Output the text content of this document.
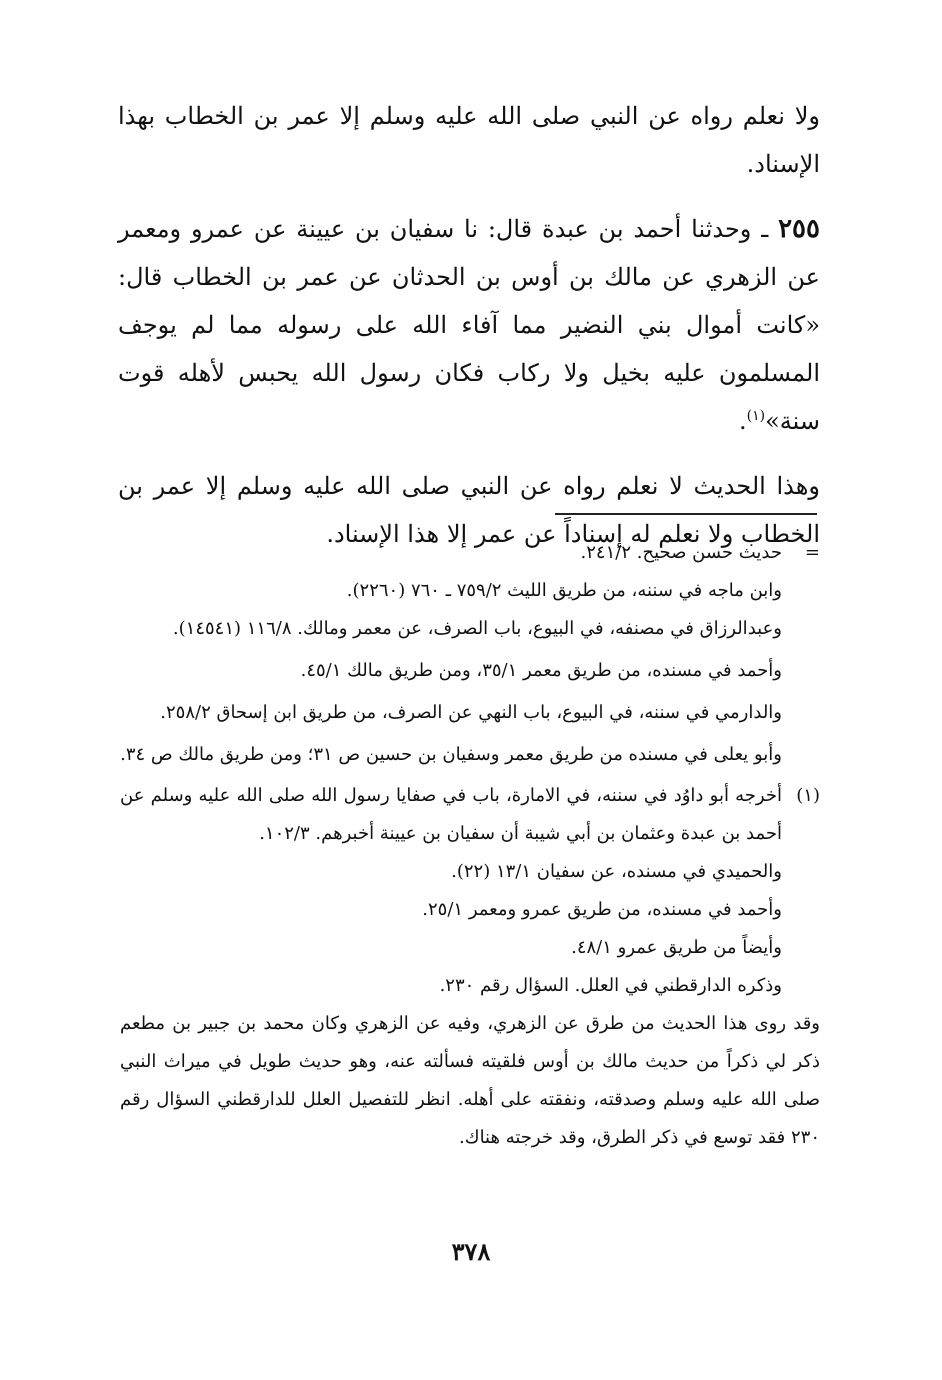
ولا نعلم رواه عن النبي صلى الله عليه وسلم إلا عمر بن الخطاب بهذا الإسناد.

٢٥٥ ـ وحدثنا أحمد بن عبدة قال: نا سفيان بن عيينة عن عمرو ومعمر عن الزهري عن مالك بن أوس بن الحدثان عن عمر بن الخطاب قال: «كانت أموال بني النضير مما آفاء الله على رسوله مما لم يوجف المسلمون عليه بخيل ولا ركاب فكان رسول الله يحبس لأهله قوت سنة»$^{(١)}$.

وهذا الحديث لا نعلم رواه عن النبي صلى الله عليه وسلم إلا عمر بن الخطاب ولا نعلم له إسناداً عن عمر إلا هذا الإسناد.

=

حديث حسن صحيح. ٢٤١/٢.

وابن ماجه في سننه، من طريق الليث ٧٥٩/٢ ـ ٧٦٠ (٢٢٦٠).

وعبدالرزاق في مصنفه، في البيوع، باب الصرف، عن معمر ومالك. ١١٦/٨ (١٤٥٤١).

وأحمد في مسنده، من طريق معمر ٣٥/١، ومن طريق مالك ٤٥/١.

والدارمي في سننه، في البيوع، باب النهي عن الصرف، من طريق ابن إسحاق ٢٥٨/٢.

وأبو يعلى في مسنده من طريق معمر وسفيان بن حسين ص ٣١؛ ومن طريق مالك ص ٣٤.

(١)

أخرجه أبو داوُد في سننه، في الامارة، باب في صفايا رسول الله صلى الله عليه وسلم عن أحمد بن عبدة وعثمان بن أبي شيبة أن سفيان بن عيينة أخبرهم. ١٠٢/٣.

والحميدي في مسنده، عن سفيان ١٣/١ (٢٢).

وأحمد في مسنده، من طريق عمرو ومعمر ٢٥/١.

وأيضاً من طريق عمرو ٤٨/١.

وذكره الدارقطني في العلل. السؤال رقم ٢٣٠.

وقد روى هذا الحديث من طرق عن الزهري، وفيه عن الزهري وكان محمد بن جبير بن مطعم ذكر لي ذكراً من حديث مالك بن أوس فلقيته فسألته عنه، وهو حديث طويل في ميراث النبي صلى الله عليه وسلم وصدقته، ونفقته على أهله. انظر للتفصيل العلل للدارقطني السؤال رقم ٢٣٠ فقد توسع في ذكر الطرق، وقد خرجته هناك.

٣٧٨
